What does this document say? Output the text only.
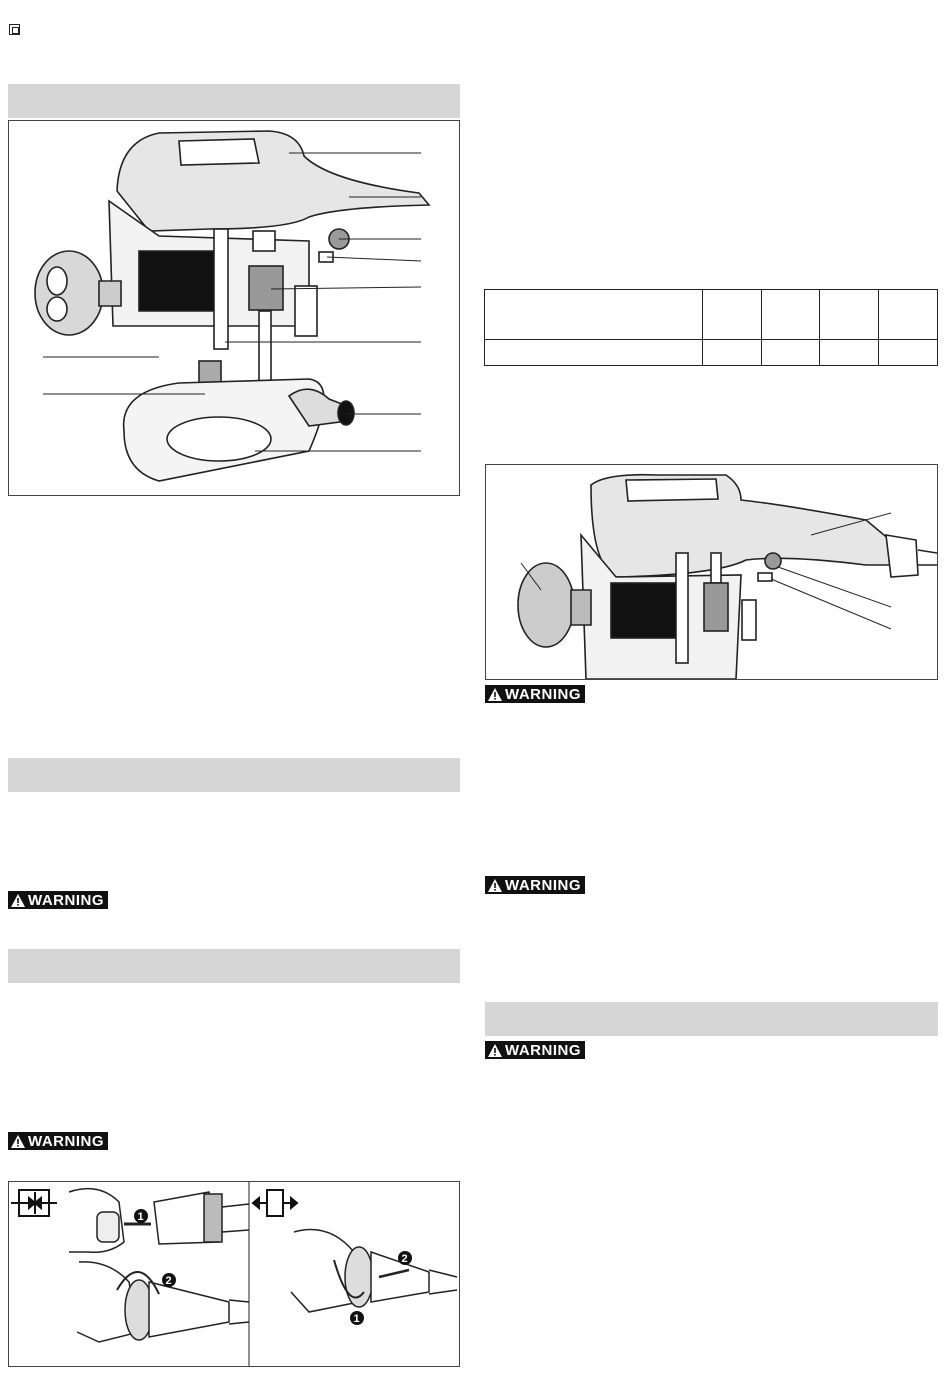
WARNING
WARNING
1
2
2
1

WARNING
WARNING
WARNING
